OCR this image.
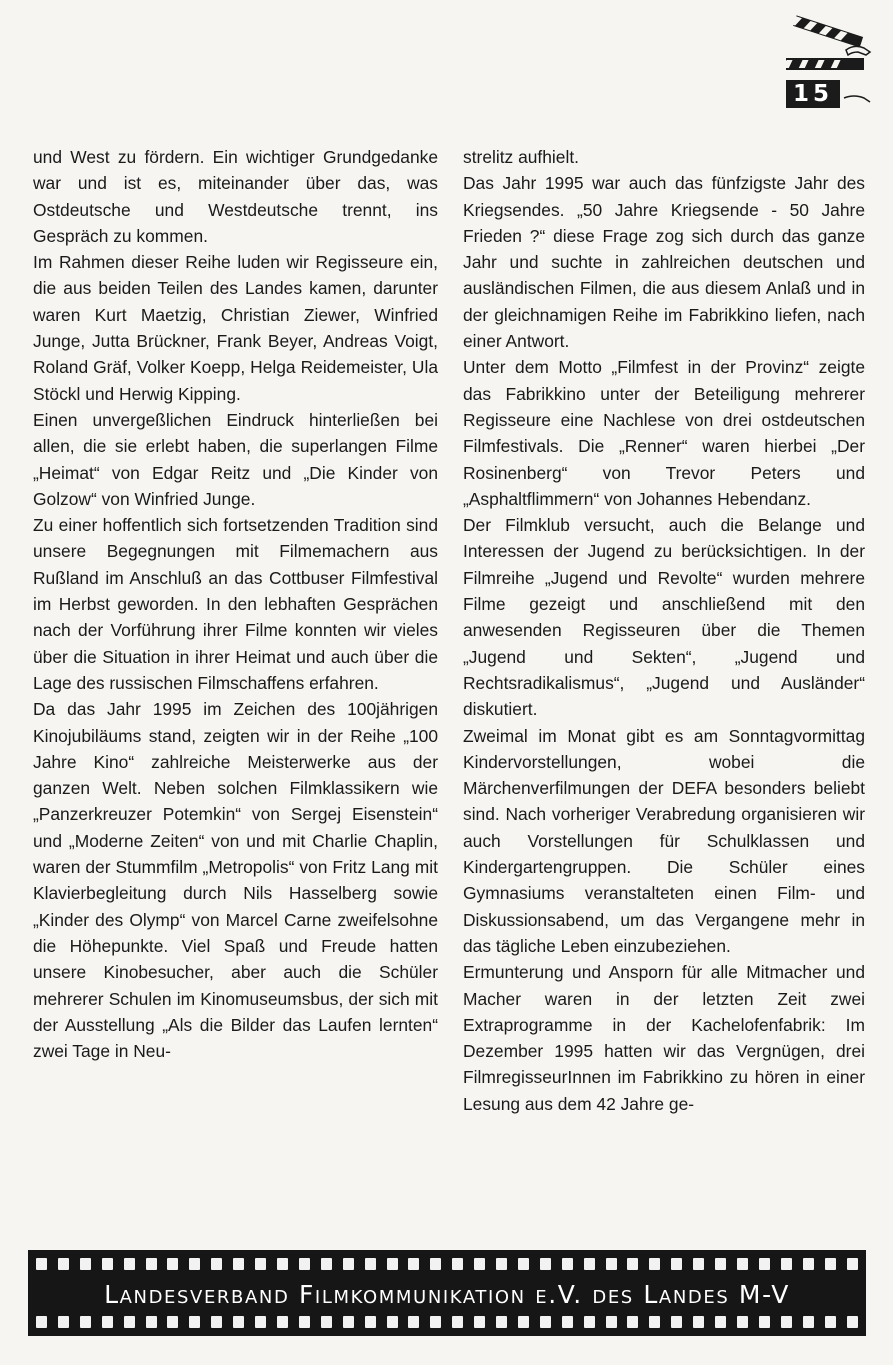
15

und West zu fördern. Ein wichtiger Grundgedanke war und ist es, miteinander über das, was Ostdeutsche und Westdeutsche trennt, ins Gespräch zu kommen.

Im Rahmen dieser Reihe luden wir Regisseure ein, die aus beiden Teilen des Landes kamen, darunter waren Kurt Maetzig, Christian Ziewer, Winfried Junge, Jutta Brückner, Frank Beyer, Andreas Voigt, Roland Gräf, Volker Koepp, Helga Reidemeister, Ula Stöckl und Herwig Kipping.

Einen unvergeßlichen Eindruck hinterließen bei allen, die sie erlebt haben, die superlangen Filme „Heimat“ von Edgar Reitz und „Die Kinder von Golzow“ von Winfried Junge.

Zu einer hoffentlich sich fortsetzenden Tradition sind unsere Begegnungen mit Filmemachern aus Rußland im Anschluß an das Cottbuser Filmfestival im Herbst geworden. In den lebhaften Gesprächen nach der Vorführung ihrer Filme konnten wir vieles über die Situation in ihrer Heimat und auch über die Lage des russischen Filmschaffens erfahren.

Da das Jahr 1995 im Zeichen des 100jährigen Kinojubiläums stand, zeigten wir in der Reihe „100 Jahre Kino“ zahlreiche Meisterwerke aus der ganzen Welt. Neben solchen Filmklassikern wie „Panzerkreuzer Potemkin“ von Sergej Eisenstein“ und „Moderne Zeiten“ von und mit Charlie Chaplin, waren der Stummfilm „Metropolis“ von Fritz Lang mit Klavierbegleitung durch Nils Hasselberg sowie „Kinder des Olymp“ von Marcel Carne zweifelsohne die Höhepunkte. Viel Spaß und Freude hatten unsere Kinobesucher, aber auch die Schüler mehrerer Schulen im Kinomuseumsbus, der sich mit der Ausstellung „Als die Bilder das Laufen lernten“ zwei Tage in Neu-

strelitz aufhielt.

Das Jahr 1995 war auch das fünfzigste Jahr des Kriegsendes. „50 Jahre Kriegsende - 50 Jahre Frieden ?“ diese Frage zog sich durch das ganze Jahr und suchte in zahlreichen deutschen und ausländischen Filmen, die aus diesem Anlaß und in der gleichnamigen Reihe im Fabrikkino liefen, nach einer Antwort.

Unter dem Motto „Filmfest in der Provinz“ zeigte das Fabrikkino unter der Beteiligung mehrerer Regisseure eine Nachlese von drei ostdeutschen Filmfestivals. Die „Renner“ waren hierbei „Der Rosinenberg“ von Trevor Peters und „Asphaltflimmern“ von Johannes Hebendanz.

Der Filmklub versucht, auch die Belange und Interessen der Jugend zu berücksichtigen. In der Filmreihe „Jugend und Revolte“ wurden mehrere Filme gezeigt und anschließend mit den anwesenden Regisseuren über die Themen „Jugend und Sekten“, „Jugend und Rechtsradikalismus“, „Jugend und Ausländer“ diskutiert.

Zweimal im Monat gibt es am Sonntagvormittag Kindervorstellungen, wobei die Märchenverfilmungen der DEFA besonders beliebt sind. Nach vorheriger Verabredung organisieren wir auch Vorstellungen für Schulklassen und Kindergartengruppen. Die Schüler eines Gymnasiums veranstalteten einen Film- und Diskussionsabend, um das Vergangene mehr in das tägliche Leben einzubeziehen.

Ermunterung und Ansporn für alle Mitmacher und Macher waren in der letzten Zeit zwei Extraprogramme in der Kachelofenfabrik: Im Dezember 1995 hatten wir das Vergnügen, drei FilmregisseurInnen im Fabrikkino zu hören in einer Lesung aus dem 42 Jahre ge-

Landesverband Filmkommunikation e.V. des Landes M-V
